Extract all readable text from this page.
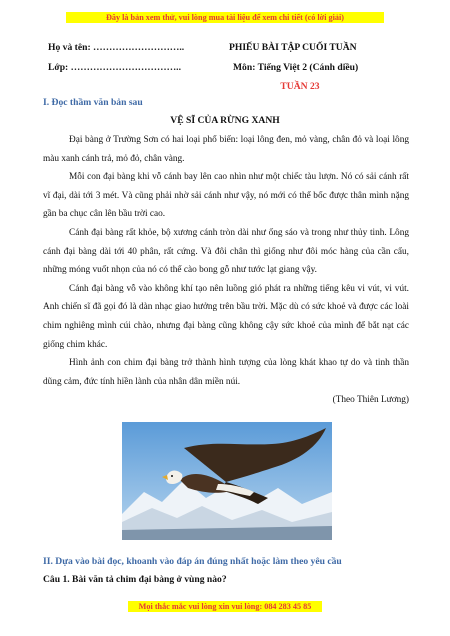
Đây là bản xem thử, vui lòng mua tài liệu để xem chi tiết (có lời giải)
Họ và tên: ………………………..	PHIẾU BÀI TẬP CUỐI TUẦN
Lớp: ……………………………..	Môn: Tiếng Việt 2 (Cánh diều)
TUẦN 23
I. Đọc thầm văn bản sau
VỆ SĨ CỦA RỪNG XANH

Đại bàng ở Trường Sơn có hai loại phổ biến: loại lông đen, mỏ vàng, chân đỏ và loại lông màu xanh cánh trả, mỏ đỏ, chân vàng.

Mỗi con đại bàng khi vỗ cánh bay lên cao nhìn như một chiếc tàu lượn. Nó có sải cánh rất vĩ đại, dài tới 3 mét. Và cũng phải nhờ sải cánh như vậy, nó mới có thể bốc được thân mình nặng gần ba chục cân lên bầu trời cao.

Cánh đại bàng rất khỏe, bộ xương cánh tròn dài như ống sáo và trong như thủy tinh. Lông cánh đại bàng dài tới 40 phân, rất cứng. Và đôi chân thì giống như đôi móc hàng của cần cẩu, những móng vuốt nhọn của nó có thể cào bong gỗ như tước lạt giang vậy.

Cánh đại bàng vỗ vào không khí tạo nên luồng gió phát ra những tiếng kêu vi vút, vi vút. Anh chiến sĩ đã gọi đó là dàn nhạc giao hưởng trên bầu trời. Mặc dù có sức khoẻ và được các loài chim nghiêng mình cúi chào, nhưng đại bàng cũng không cậy sức khoẻ của mình để bắt nạt các giống chim khác.

Hình ảnh con chim đại bàng trở thành hình tượng của lòng khát khao tự do và tinh thần dũng cảm, đức tính hiền lành của nhân dân miền núi.

(Theo Thiên Lương)

II. Dựa vào bài đọc, khoanh vào đáp án đúng nhất hoặc làm theo yêu cầu
Câu 1. Bài văn tả chim đại bàng ở vùng nào?
Mọi thắc mắc vui lòng xin vui lòng: 084 283 45 85
